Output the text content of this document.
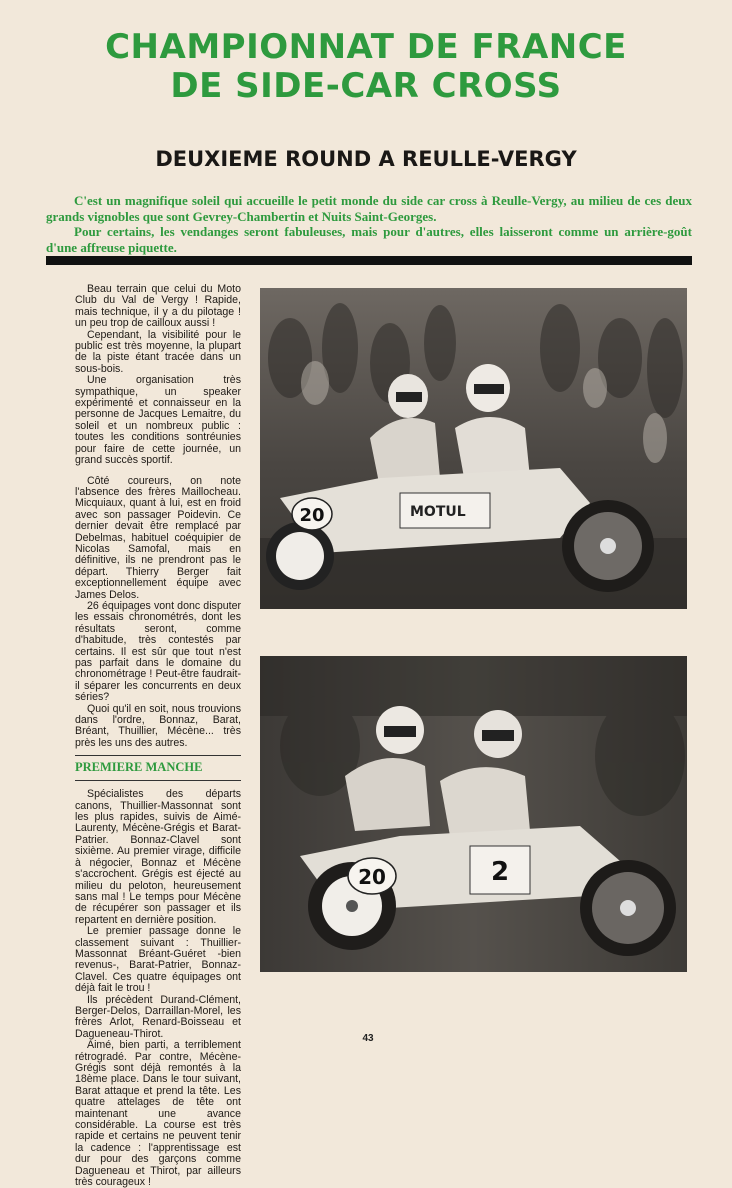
CHAMPIONNAT DE FRANCE
DE SIDE-CAR CROSS
DEUXIEME ROUND A REULLE-VERGY

C'est un magnifique soleil qui accueille le petit monde du side car cross à Reulle-Vergy, au milieu de ces deux grands vignobles que sont Gevrey-Chambertin et Nuits Saint-Georges.

Pour certains, les vendanges seront fabuleuses, mais pour d'autres, elles laisseront comme un arrière-goût d'une affreuse piquette.

Beau terrain que celui du Moto Club du Val de Vergy ! Rapide, mais technique, il y a du pilotage ! un peu trop de cailloux aussi !

Cependant, la visibilité pour le public est très moyenne, la plupart de la piste étant tracée dans un sous-bois.

Une organisation très sympathique, un speaker expérimenté et connaisseur en la personne de Jacques Lemaitre, du soleil et un nombreux public : toutes les conditions sontréunies pour faire de cette journée, un grand succès sportif.

Côté coureurs, on note l'absence des frères Maillocheau. Micquiaux, quant à lui, est en froid avec son passager Poidevin. Ce dernier devait être remplacé par Debelmas, habituel coéquipier de Nicolas Samofal, mais en définitive, ils ne prendront pas le départ. Thierry Berger fait exceptionnellement équipe avec James Delos.

26 équipages vont donc disputer les essais chronométrés, dont les résultats seront, comme d'habitude, très contestés par certains. Il est sûr que tout n'est pas parfait dans le domaine du chronométrage ! Peut-être faudrait-il séparer les concurrents en deux séries?

Quoi qu'il en soit, nous trouvions dans l'ordre, Bonnaz, Barat, Bréant, Thuillier, Mécène... très près les uns des autres.

PREMIERE MANCHE

Spécialistes des départs canons, Thuillier-Massonnat sont les plus rapides, suivis de Aimé-Laurenty, Mécène-Grégis et Barat-Patrier. Bonnaz-Clavel sont sixième. Au premier virage, difficile à négocier, Bonnaz et Mécène s'accrochent. Grégis est éjecté au milieu du peloton, heureusement sans mal ! Le temps pour Mécène de récupérer son passager et ils repartent en dernière position.

Le premier passage donne le classement suivant : Thuillier-Massonnat Bréant-Guéret -bien revenus-, Barat-Patrier, Bonnaz-Clavel. Ces quatre équipages ont déjà fait le trou !

Ils précèdent Durand-Clément, Berger-Delos, Darraillan-Morel, les frères Arlot, Renard-Boisseau et Dagueneau-Thirot.

Aimé, bien parti, a terriblement rétrogradé. Par contre, Mécène-Grégis sont déjà remontés à la 18ème place. Dans le tour suivant, Barat attaque et prend la tête. Les quatre attelages de tête ont maintenant une avance considérable. La course est très rapide et certains ne peuvent tenir la cadence : l'apprentissage est dur pour des garçons comme Dagueneau et Thirot, par ailleurs très courageux !

MOTUL
20
2
20
43
